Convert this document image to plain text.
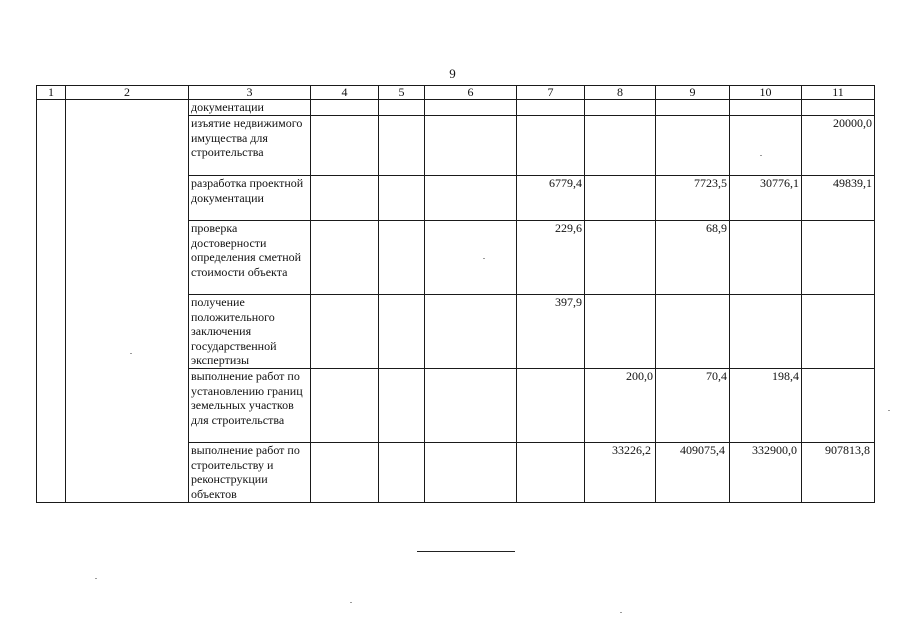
9
1	2	3	4	5	6	7	8	9	10	11
		документации								
		изъятие недвижимого имущества для строительства								20000,0
		разработка проектной документации				6779,4		7723,5	30776,1	49839,1
		проверка достоверности определения сметной стоимости объекта				229,6		68,9		
		получение положительного заключения государственной экспертизы				397,9				
		выполнение работ по установлению границ земельных участков для строительства					200,0	70,4	198,4	
		выполнение работ по строительству и реконструкции объектов					33226,2	409075,4	332900,0	907813,8
